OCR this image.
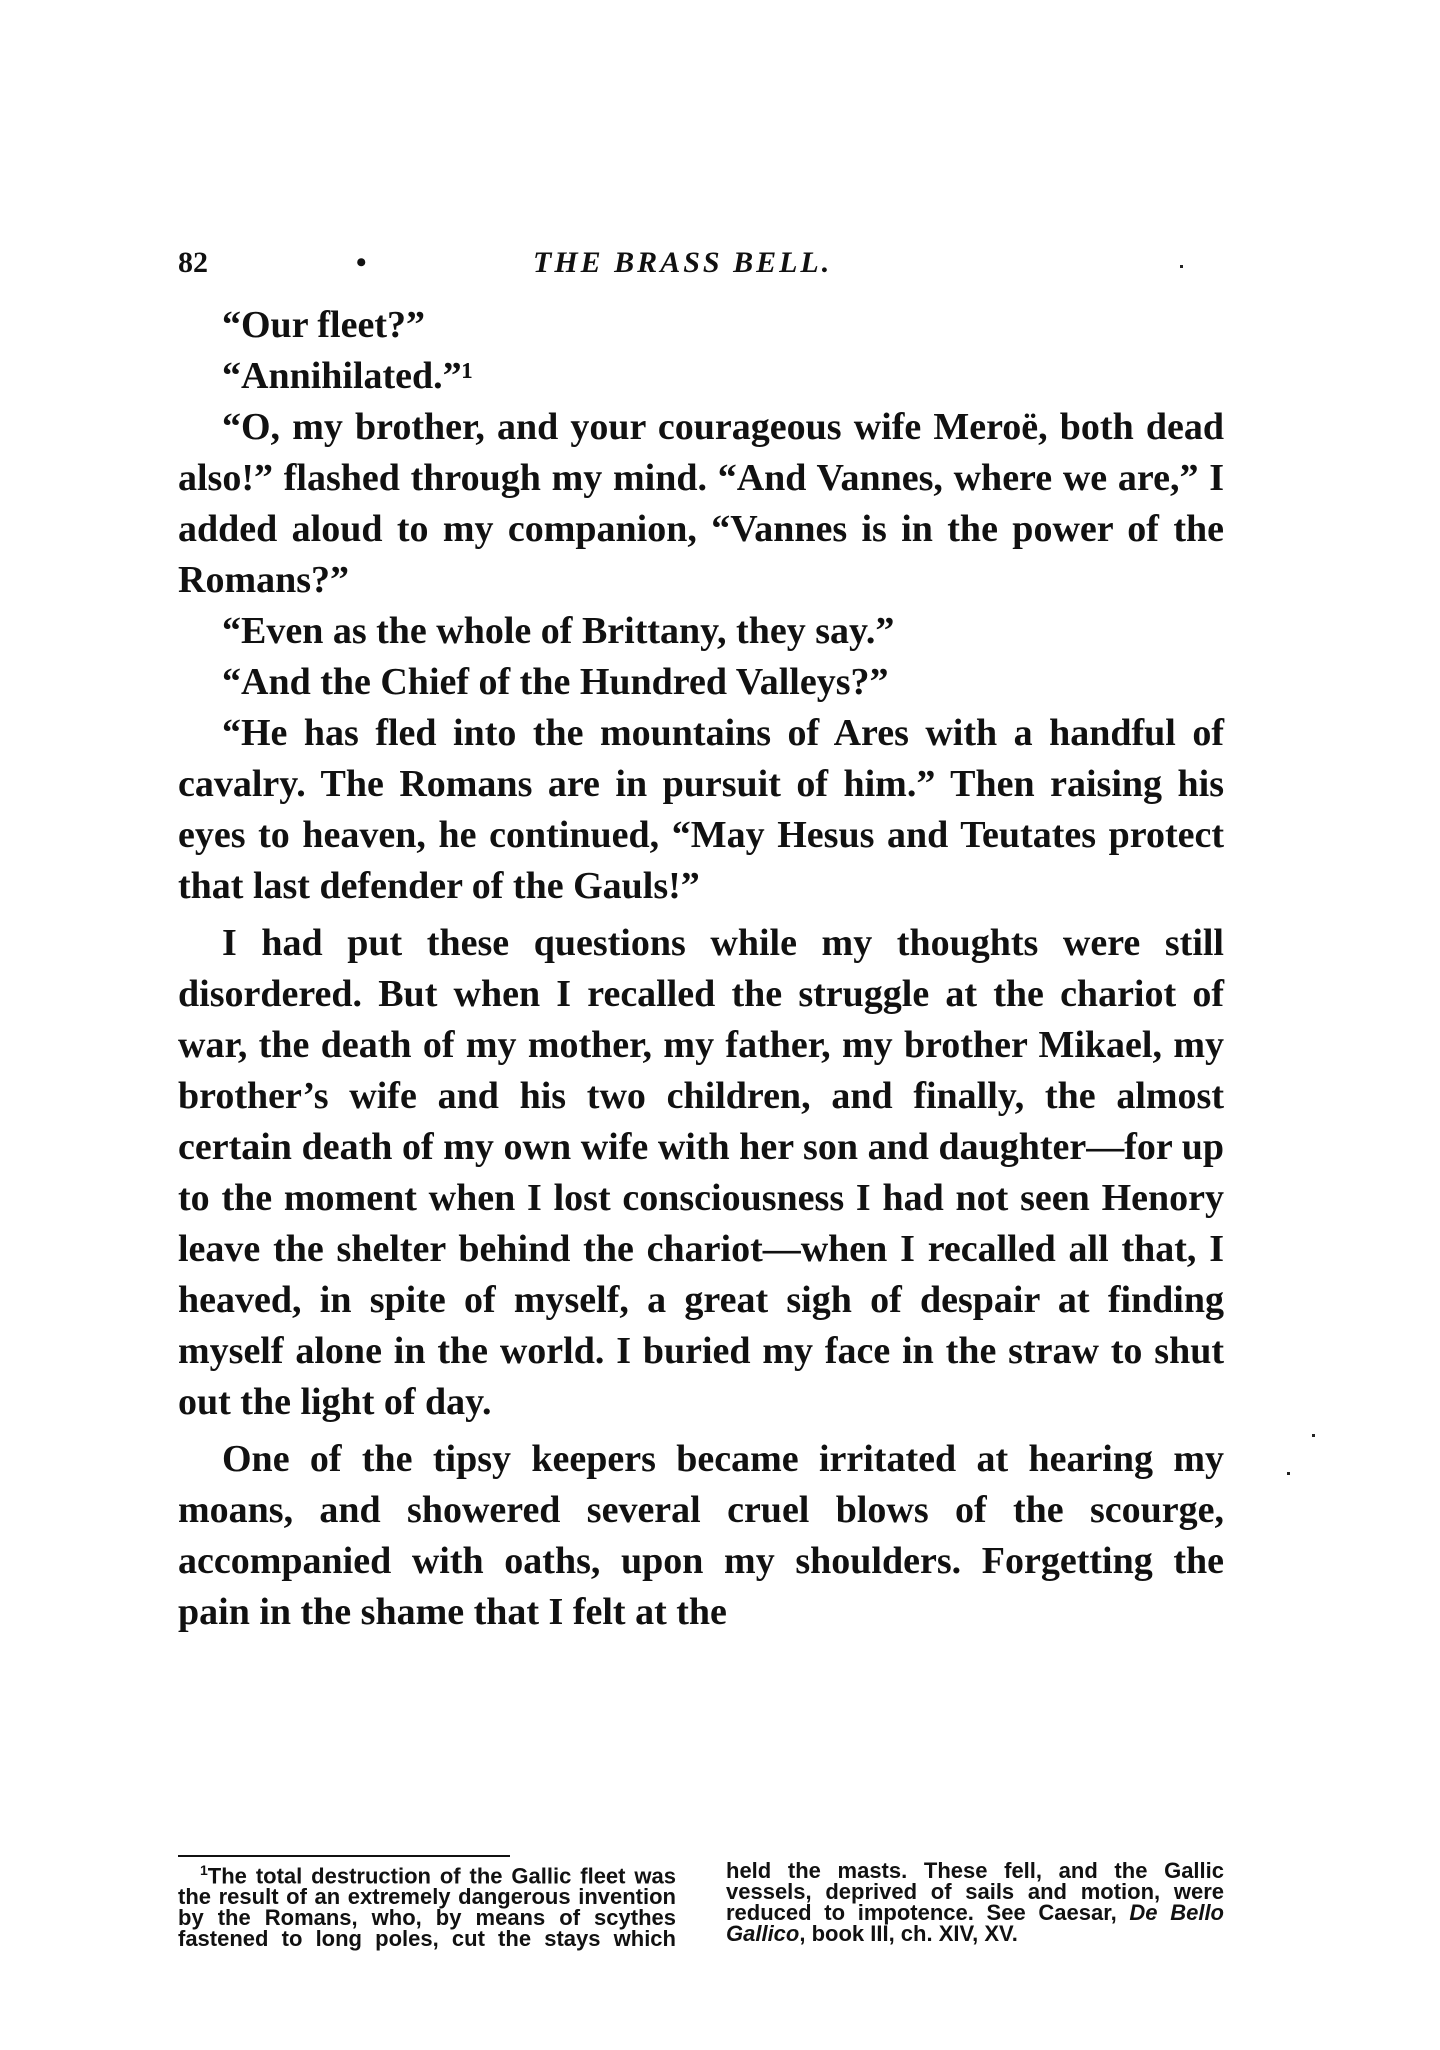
82	•	THE BRASS BELL.

“Our fleet?”

“Annihilated.”¹

“O, my brother, and your courageous wife Meroë, both dead also!” flashed through my mind. “And Vannes, where we are,” I added aloud to my companion, “Vannes is in the power of the Romans?”

“Even as the whole of Brittany, they say.”

“And the Chief of the Hundred Valleys?”

“He has fled into the mountains of Ares with a handful of cavalry. The Romans are in pursuit of him.” Then raising his eyes to heaven, he continued, “May Hesus and Teutates protect that last defender of the Gauls!”

I had put these questions while my thoughts were still disordered. But when I recalled the struggle at the chariot of war, the death of my mother, my father, my brother Mikael, my brother’s wife and his two children, and finally, the almost certain death of my own wife with her son and daughter—for up to the moment when I lost consciousness I had not seen Henory leave the shelter behind the chariot—when I recalled all that, I heaved, in spite of myself, a great sigh of despair at finding myself alone in the world. I buried my face in the straw to shut out the light of day.

One of the tipsy keepers became irritated at hearing my moans, and showered several cruel blows of the scourge, accompanied with oaths, upon my shoulders. Forgetting the pain in the shame that I felt at the

$^1$The total destruction of the Gallic fleet was the result of an extremely dangerous invention by the Romans, who, by means of scythes fastened to long poles, cut the stays which held the masts. These fell, and the Gallic vessels, deprived of sails and motion, were reduced to impotence. See Caesar, De Bello Gallico, book III, ch. XIV, XV.
